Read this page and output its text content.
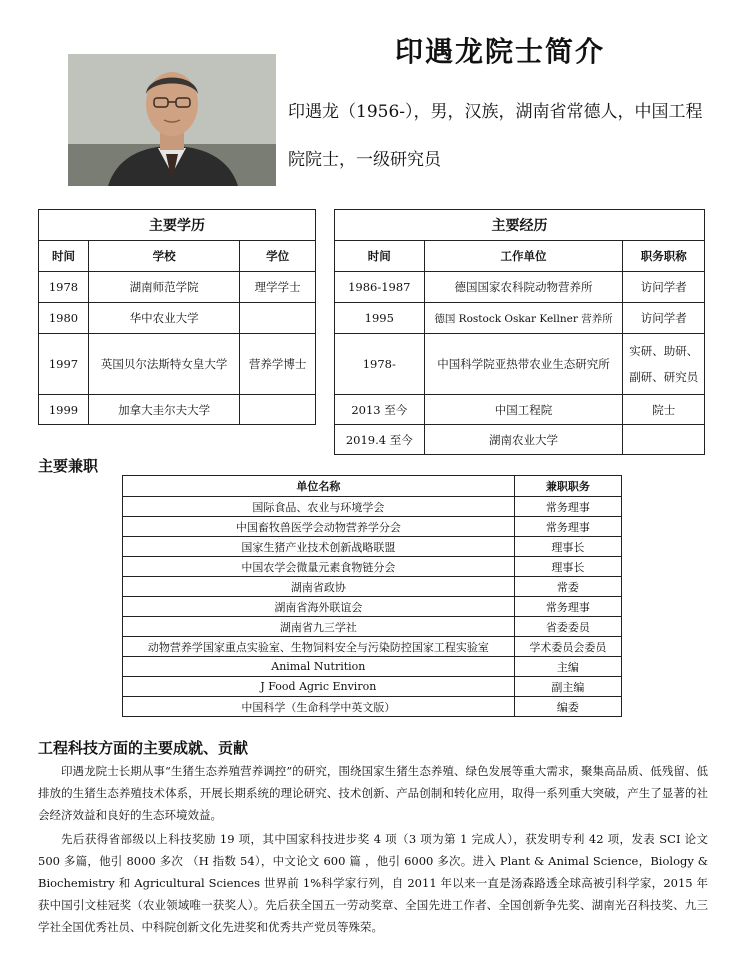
印遇龙院士简介
印遇龙（1956-），男，汉族，湖南省常德人，中国工程院院士，一级研究员
主要学历		
时间	学校	学位
1978	湖南师范学院	理学学士
1980	华中农业大学	
1997	英国贝尔法斯特女皇大学	营养学博士
1999	加拿大圭尔夫大学	
主要经历		
时间	工作单位	职务职称
1986-1987	德国国家农科院动物营养所	访问学者
1995	德国 Rostock Oskar Kellner 营养所	访问学者
1978-	中国科学院亚热带农业生态研究所	实研、助研、副研、研究员
2013 至今	中国工程院	院士
2019.4 至今	湖南农业大学	
主要兼职
单位名称	兼职职务
国际食品、农业与环境学会	常务理事
中国畜牧兽医学会动物营养学分会	常务理事
国家生猪产业技术创新战略联盟	理事长
中国农学会微量元素食物链分会	理事长
湖南省政协	常委
湖南省海外联谊会	常务理事
湖南省九三学社	省委委员
动物营养学国家重点实验室、生物饲料安全与污染防控国家工程实验室	学术委员会委员
Animal Nutrition	主编
J Food Agric Environ	副主编
中国科学（生命科学中英文版）	编委
工程科技方面的主要成就、贡献
印遇龙院士长期从事“生猪生态养殖营养调控”的研究，围绕国家生猪生态养殖、绿色发展等重大需求，聚集高品质、低残留、低排放的生猪生态养殖技术体系，开展长期系统的理论研究、技术创新、产品创制和转化应用，取得一系列重大突破，产生了显著的社会经济效益和良好的生态环境效益。
先后获得省部级以上科技奖励 19 项，其中国家科技进步奖 4 项（3 项为第 1 完成人），获发明专利 42 项，发表 SCI 论文 500 多篇，他引 8000 多次 （H 指数 54），中文论文 600 篇 ，他引 6000 多次。进入 Plant & Animal Science，Biology & Biochemistry 和 Agricultural Sciences 世界前 1%科学家行列，自 2011 年以来一直是汤森路透全球高被引科学家，2015 年获中国引文桂冠奖（农业领域唯一获奖人）。先后获全国五一劳动奖章、全国先进工作者、全国创新争先奖、湖南光召科技奖、九三学社全国优秀社员、中科院创新文化先进奖和优秀共产党员等殊荣。
